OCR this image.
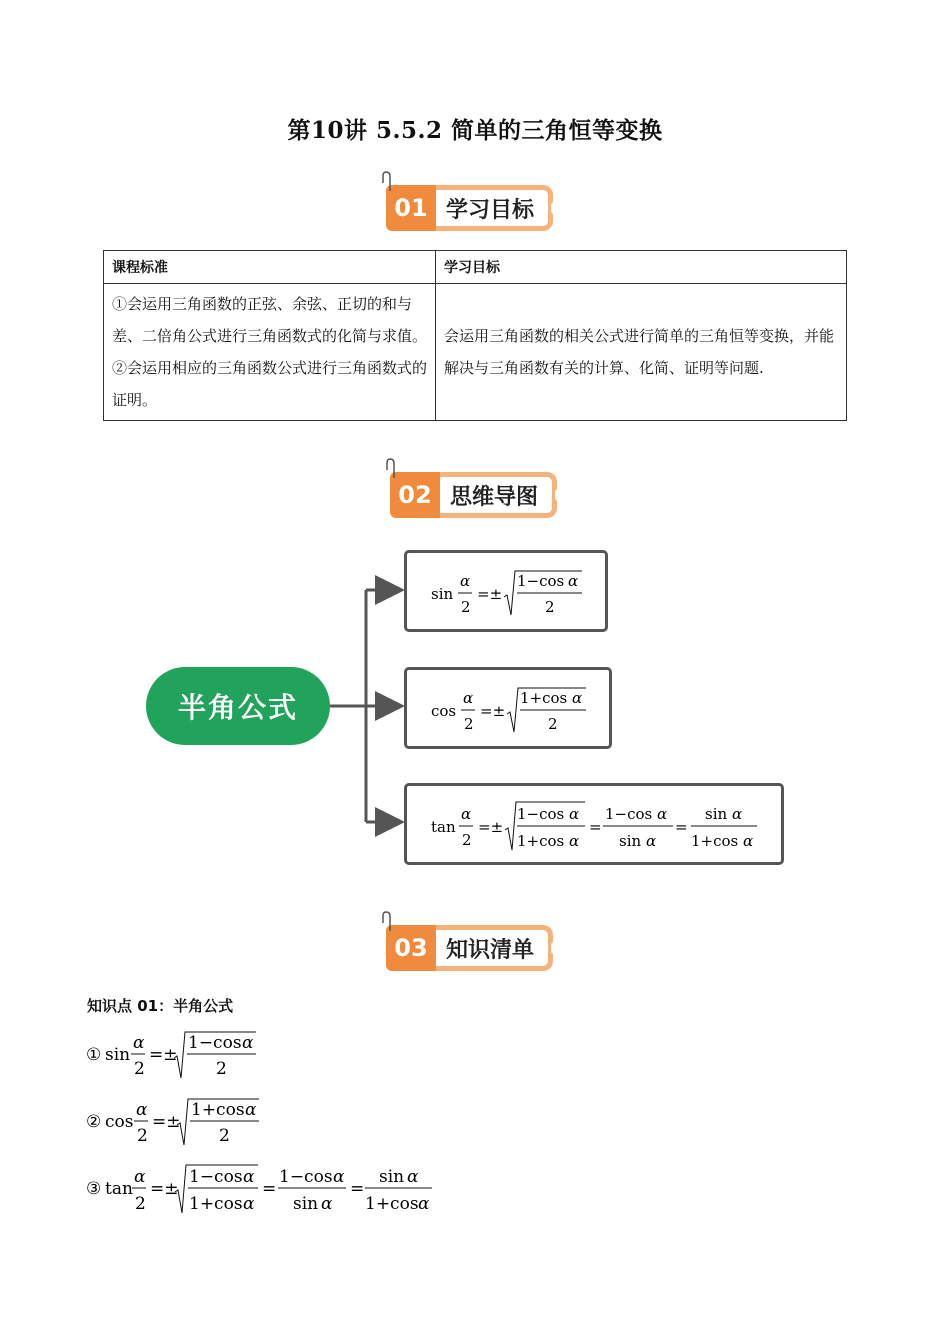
第10讲 5.5.2 简单的三角恒等变换
01 学习目标
课程标准	学习目标

①会运用三角函数的正弦、余弦、正切的和与差、二倍角公式进行三角函数式的化简与求值。
②会运用相应的三角函数公式进行三角函数式的证明。	会运用三角函数的相关公式进行简单的三角恒等变换，并能解决与三角函数有关的计算、化简、证明等问题.
02 思维导图
半角公式
sin
α
2
=±
1−cos α
2
cos
α
2
=±
1+cos α
2
tan
α
2
=±
1−cos α
1+cos α
=
1−cos α
sin α
=
sin α
1+cos α
03 知识清单
知识点 01：半角公式
① sin
α
2
=±
1−cos α
2
② cos
α
2
=±
1+cos α
2
③ tan
α
2
=±
1−cos α
1+cos α
=
1−cos α
sin α
=
sin α
1+cos α
